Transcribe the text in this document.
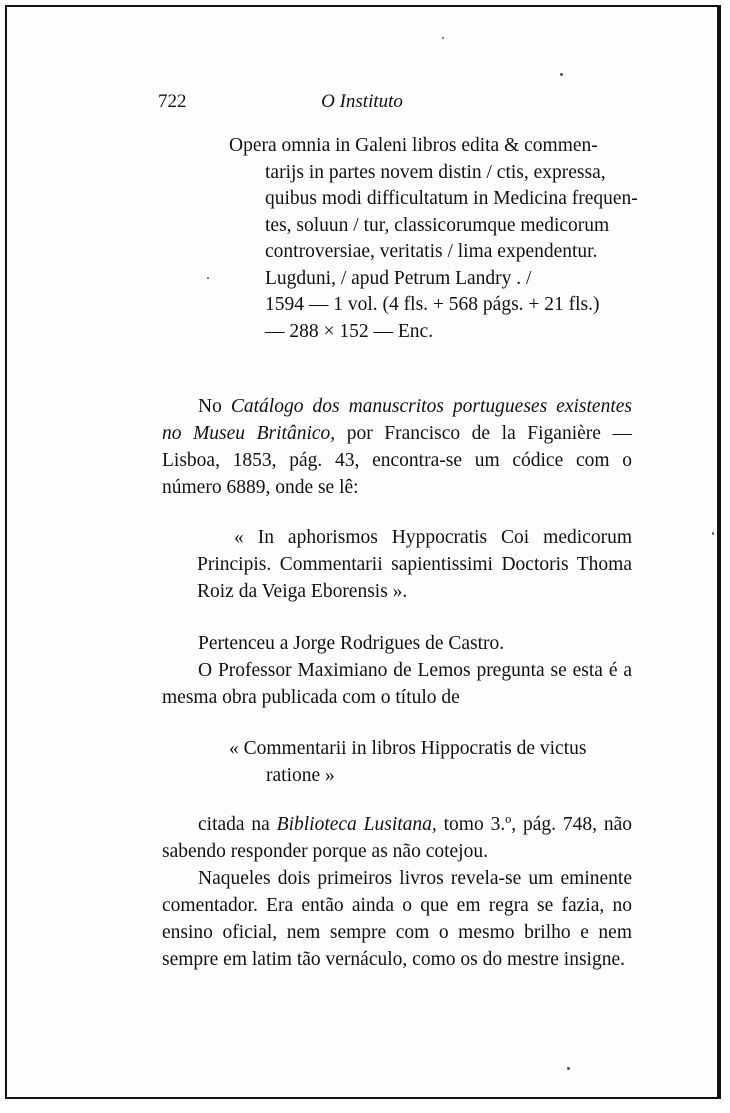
722	O Instituto
Opera omnia in Galeni libros edita & commen-
tarijs in partes novem distin / ctis, expressa,
quibus modi difficultatum in Medicina frequen-
tes, soluun / tur, classicorumque medicorum
controversiae, veritatis / lima expendentur.
Lugduni, / apud Petrum Landry . /
1594 — 1 vol. (4 fls. + 568 págs. + 21 fls.)
— 288 × 152 — Enc.

No Catálogo dos manuscritos portugueses existentes no Museu Britânico, por Francisco de la Figanière — Lisboa, 1853, pág. 43, encontra-se um códice com o número 6889, onde se lê:

« In aphorismos Hyppocratis Coi medicorum Principis. Commentarii sapientissimi Doctoris Thoma Roiz da Veiga Eborensis ».

Pertenceu a Jorge Rodrigues de Castro.

O Professor Maximiano de Lemos pregunta se esta é a mesma obra publicada com o título de

« Commentarii in libros Hippocratis de victus
ratione »

citada na Biblioteca Lusitana, tomo 3.º, pág. 748, não sabendo responder porque as não cotejou.

Naqueles dois primeiros livros revela-se um eminente comentador. Era então ainda o que em regra se fazia, no ensino oficial, nem sempre com o mesmo brilho e nem sempre em latim tão vernáculo, como os do mestre insigne.
